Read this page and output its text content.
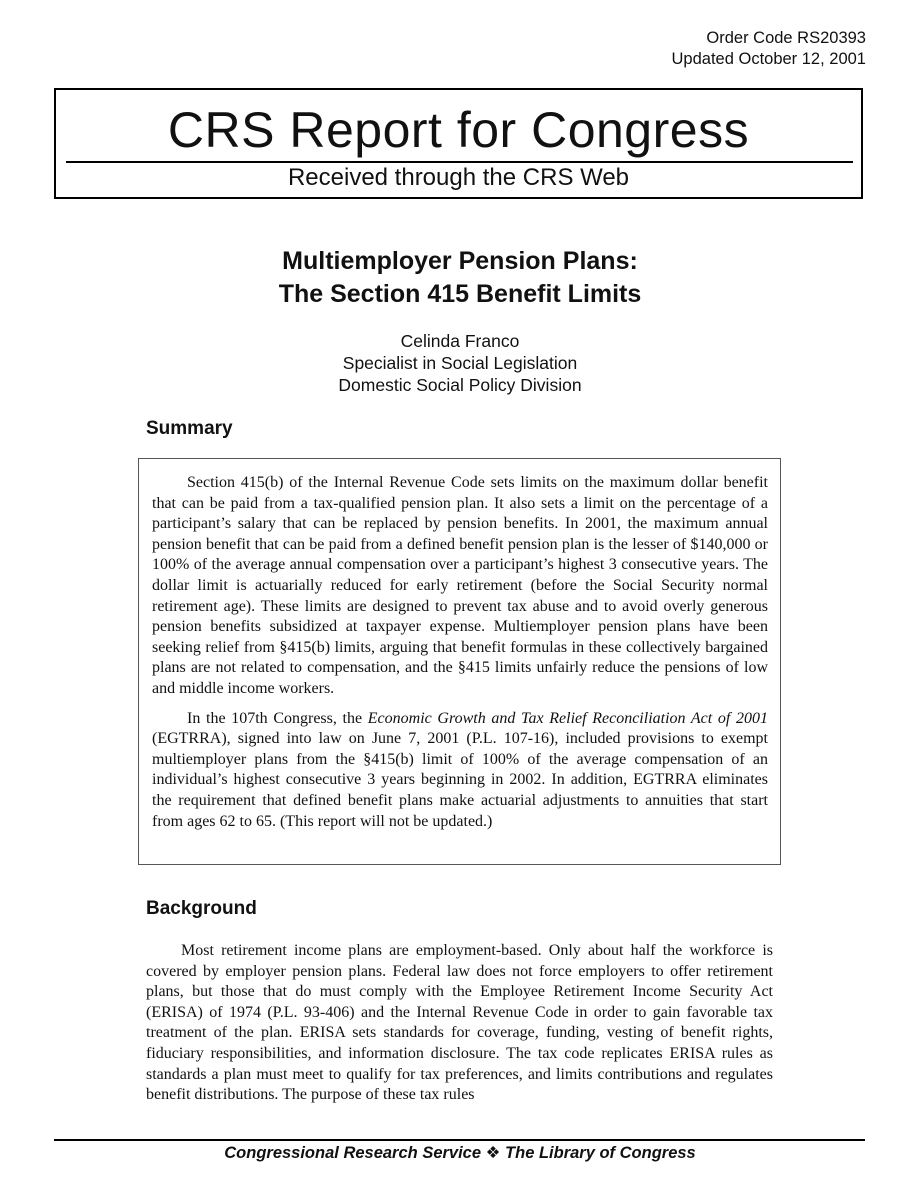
Order Code RS20393
Updated October 12, 2001
CRS Report for Congress
Received through the CRS Web
Multiemployer Pension Plans:
The Section 415 Benefit Limits
Celinda Franco
Specialist in Social Legislation
Domestic Social Policy Division
Summary

Section 415(b) of the Internal Revenue Code sets limits on the maximum dollar benefit that can be paid from a tax-qualified pension plan. It also sets a limit on the percentage of a participant’s salary that can be replaced by pension benefits. In 2001, the maximum annual pension benefit that can be paid from a defined benefit pension plan is the lesser of $140,000 or 100% of the average annual compensation over a participant’s highest 3 consecutive years. The dollar limit is actuarially reduced for early retirement (before the Social Security normal retirement age). These limits are designed to prevent tax abuse and to avoid overly generous pension benefits subsidized at taxpayer expense. Multiemployer pension plans have been seeking relief from §415(b) limits, arguing that benefit formulas in these collectively bargained plans are not related to compensation, and the §415 limits unfairly reduce the pensions of low and middle income workers.

In the 107th Congress, the Economic Growth and Tax Relief Reconciliation Act of 2001 (EGTRRA), signed into law on June 7, 2001 (P.L. 107-16), included provisions to exempt multiemployer plans from the §415(b) limit of 100% of the average compensation of an individual’s highest consecutive 3 years beginning in 2002. In addition, EGTRRA eliminates the requirement that defined benefit plans make actuarial adjustments to annuities that start from ages 62 to 65. (This report will not be updated.)

Background

Most retirement income plans are employment-based. Only about half the workforce is covered by employer pension plans. Federal law does not force employers to offer retirement plans, but those that do must comply with the Employee Retirement Income Security Act (ERISA) of 1974 (P.L. 93-406) and the Internal Revenue Code in order to gain favorable tax treatment of the plan. ERISA sets standards for coverage, funding, vesting of benefit rights, fiduciary responsibilities, and information disclosure. The tax code replicates ERISA rules as standards a plan must meet to qualify for tax preferences, and limits contributions and regulates benefit distributions. The purpose of these tax rules

Congressional Research Service ❖ The Library of Congress
